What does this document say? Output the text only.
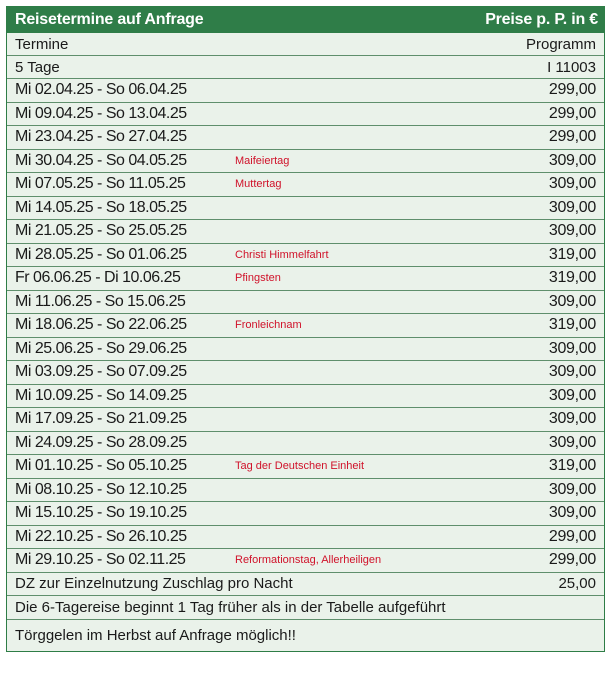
Reisetermine auf Anfrage	Preise p. P. in €
Termine	Programm
5 Tage	I 11003
Mi 02.04.25 - So 06.04.25	299,00
Mi 09.04.25 - So 13.04.25	299,00
Mi 23.04.25 - So 27.04.25	299,00
Mi 30.04.25 - So 04.05.25	Maifeiertag	309,00
Mi 07.05.25 - So 11.05.25	Muttertag	309,00
Mi 14.05.25 - So 18.05.25	309,00
Mi 21.05.25 - So 25.05.25	309,00
Mi 28.05.25 - So 01.06.25	Christi Himmelfahrt	319,00
Fr 06.06.25 - Di 10.06.25	Pfingsten	319,00
Mi 11.06.25 - So 15.06.25	309,00
Mi 18.06.25 - So 22.06.25	Fronleichnam	319,00
Mi 25.06.25 - So 29.06.25	309,00
Mi 03.09.25 - So 07.09.25	309,00
Mi 10.09.25 - So 14.09.25	309,00
Mi 17.09.25 - So 21.09.25	309,00
Mi 24.09.25 - So 28.09.25	309,00
Mi 01.10.25 - So 05.10.25	Tag der Deutschen Einheit	319,00
Mi 08.10.25 - So 12.10.25	309,00
Mi 15.10.25 - So 19.10.25	309,00
Mi 22.10.25 - So 26.10.25	299,00
Mi 29.10.25 - So 02.11.25	Reformationstag, Allerheiligen	299,00
DZ zur Einzelnutzung Zuschlag pro Nacht	25,00
Die 6-Tagereise beginnt 1 Tag früher als in der Tabelle aufgeführt
Törggelen im Herbst auf Anfrage möglich!!
